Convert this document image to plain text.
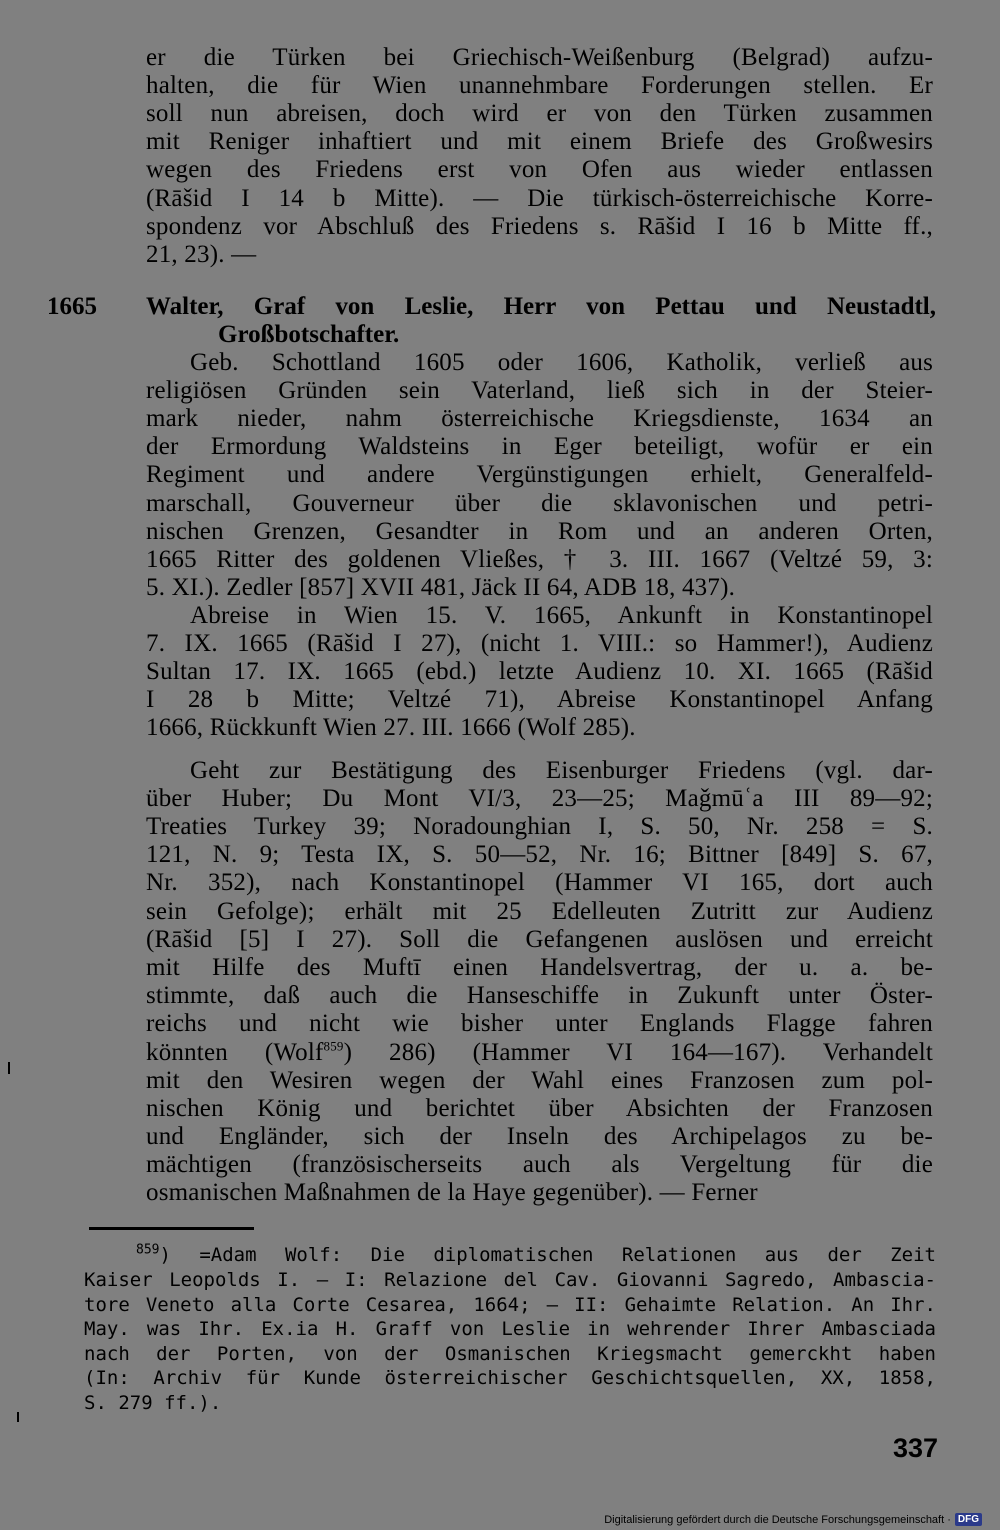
er die Türken bei Griechisch-Weißenburg (Belgrad) aufzu-
halten, die für Wien unannehmbare Forderungen stellen. Er
soll nun abreisen, doch wird er von den Türken zusammen
mit Reniger inhaftiert und mit einem Briefe des Großwesirs
wegen des Friedens erst von Ofen aus wieder entlassen
(Rāšid I 14 b Mitte). — Die türkisch-österreichische Korre-
spondenz vor Abschluß des Friedens s. Rāšid I 16 b Mitte ff.,
21, 23). —
1665 Walter, Graf von Leslie, Herr von Pettau und Neustadtl,
Großbotschafter.
Geb. Schottland 1605 oder 1606, Katholik, verließ aus
religiösen Gründen sein Vaterland, ließ sich in der Steier-
mark nieder, nahm österreichische Kriegsdienste, 1634 an
der Ermordung Waldsteins in Eger beteiligt, wofür er ein
Regiment und andere Vergünstigungen erhielt, Generalfeld-
marschall, Gouverneur über die sklavonischen und petri-
nischen Grenzen, Gesandter in Rom und an anderen Orten,
1665 Ritter des goldenen Vließes, † 3. III. 1667 (Veltzé 59, 3:
5. XI.). Zedler [857] XVII 481, Jäck II 64, ADB 18, 437).
Abreise in Wien 15. V. 1665, Ankunft in Konstantinopel
7. IX. 1665 (Rāšid I 27), (nicht 1. VIII.: so Hammer!), Audienz
Sultan 17. IX. 1665 (ebd.) letzte Audienz 10. XI. 1665 (Rāšid
I 28 b Mitte; Veltzé 71), Abreise Konstantinopel Anfang
1666, Rückkunft Wien 27. III. 1666 (Wolf 285).
Geht zur Bestätigung des Eisenburger Friedens (vgl. dar-
über Huber; Du Mont VI/3, 23—25; Maǧmūʿa III 89—92;
Treaties Turkey 39; Noradounghian I, S. 50, Nr. 258 = S.
121, N. 9; Testa IX, S. 50—52, Nr. 16; Bittner [849] S. 67,
Nr. 352), nach Konstantinopel (Hammer VI 165, dort auch
sein Gefolge); erhält mit 25 Edelleuten Zutritt zur Audienz
(Rāšid [5] I 27). Soll die Gefangenen auslösen und erreicht
mit Hilfe des Muftī einen Handelsvertrag, der u. a. be-
stimmte, daß auch die Hanseschiffe in Zukunft unter Öster-
reichs und nicht wie bisher unter Englands Flagge fahren
könnten (Wolf$^{859}$) 286) (Hammer VI 164—167). Verhandelt
mit den Wesiren wegen der Wahl eines Franzosen zum pol-
nischen König und berichtet über Absichten der Franzosen
und Engländer, sich der Inseln des Archipelagos zu be-
mächtigen (französischerseits auch als Vergeltung für die
osmanischen Maßnahmen de la Haye gegenüber). — Ferner
$^{859}$) =Adam Wolf: Die diplomatischen Relationen aus der Zeit
Kaiser Leopolds I. — I: Relazione del Cav. Giovanni Sagredo, Ambascia-
tore Veneto alla Corte Cesarea, 1664; — II: Gehaimte Relation. An Ihr.
May. was Ihr. Ex.ia H. Graff von Leslie in wehrender Ihrer Ambasciada
nach der Porten, von der Osmanischen Kriegsmacht gemerckht haben
(In: Archiv für Kunde österreichischer Geschichtsquellen, XX, 1858,
S. 279 ff.).
337
Digitalisierung gefördert durch die Deutsche Forschungsgemeinschaft · DFG
